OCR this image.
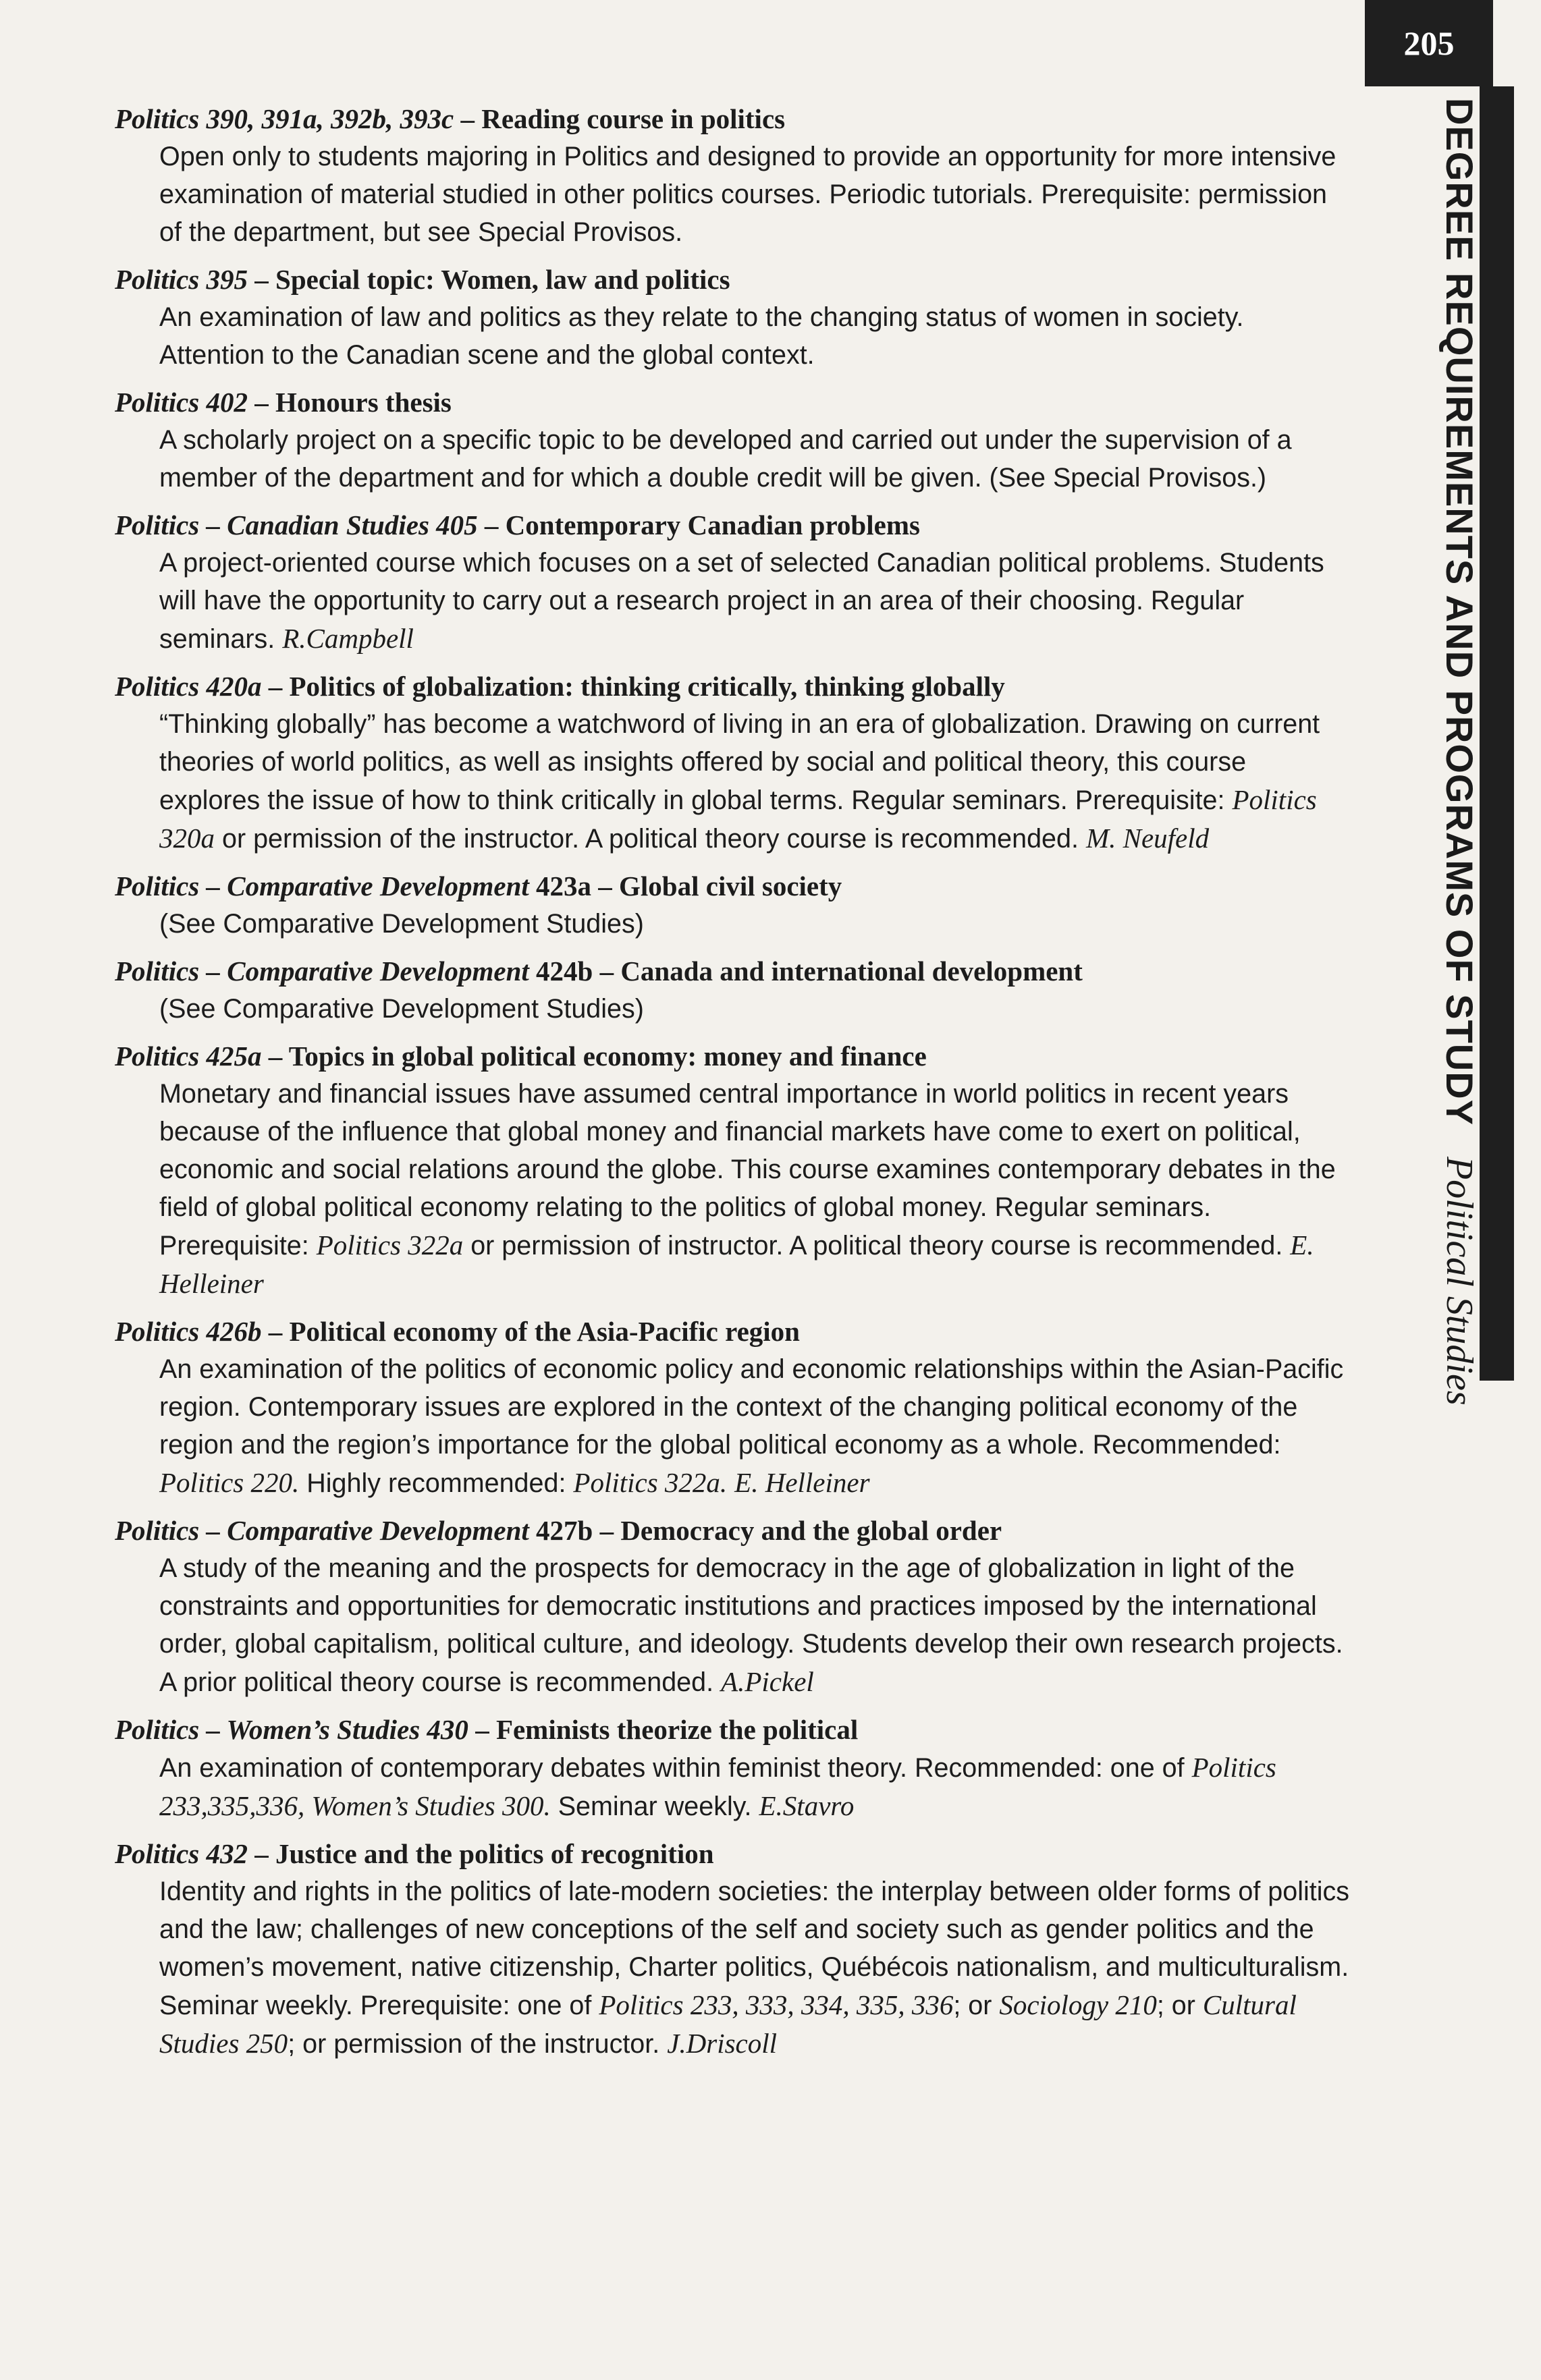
205
DEGREE REQUIREMENTS AND PROGRAMS OF STUDY Political Studies
Politics 390, 391a, 392b, 393c – Reading course in politics
Open only to students majoring in Politics and designed to provide an opportunity for more intensive examination of material studied in other politics courses. Periodic tutorials. Prerequisite: permission of the department, but see Special Provisos.
Politics 395 – Special topic: Women, law and politics
An examination of law and politics as they relate to the changing status of women in society. Attention to the Canadian scene and the global context.
Politics 402 – Honours thesis
A scholarly project on a specific topic to be developed and carried out under the supervision of a member of the department and for which a double credit will be given. (See Special Provisos.)
Politics – Canadian Studies 405 – Contemporary Canadian problems
A project-oriented course which focuses on a set of selected Canadian political problems. Students will have the opportunity to carry out a research project in an area of their choosing. Regular seminars. R.Campbell
Politics 420a – Politics of globalization: thinking critically, thinking globally
“Thinking globally” has become a watchword of living in an era of globalization. Drawing on current theories of world politics, as well as insights offered by social and political theory, this course explores the issue of how to think critically in global terms. Regular seminars. Prerequisite: Politics 320a or permission of the instructor. A political theory course is recommended. M. Neufeld
Politics – Comparative Development 423a – Global civil society
(See Comparative Development Studies)
Politics – Comparative Development 424b – Canada and international development
(See Comparative Development Studies)
Politics 425a – Topics in global political economy: money and finance
Monetary and financial issues have assumed central importance in world politics in recent years because of the influence that global money and financial markets have come to exert on political, economic and social relations around the globe. This course examines contemporary debates in the field of global political economy relating to the politics of global money. Regular seminars. Prerequisite: Politics 322a or permission of instructor. A political theory course is recommended. E. Helleiner
Politics 426b – Political economy of the Asia-Pacific region
An examination of the politics of economic policy and economic relationships within the Asian-Pacific region. Contemporary issues are explored in the context of the changing political economy of the region and the region’s importance for the global political economy as a whole. Recommended: Politics 220. Highly recommended: Politics 322a. E. Helleiner
Politics – Comparative Development 427b – Democracy and the global order
A study of the meaning and the prospects for democracy in the age of globalization in light of the constraints and opportunities for democratic institutions and practices imposed by the international order, global capitalism, political culture, and ideology. Students develop their own research projects. A prior political theory course is recommended. A.Pickel
Politics – Women’s Studies 430 – Feminists theorize the political
An examination of contemporary debates within feminist theory. Recommended: one of Politics 233,335,336, Women’s Studies 300. Seminar weekly. E.Stavro
Politics 432 – Justice and the politics of recognition
Identity and rights in the politics of late-modern societies: the interplay between older forms of politics and the law; challenges of new conceptions of the self and society such as gender politics and the women’s movement, native citizenship, Charter politics, Québécois nationalism, and multiculturalism. Seminar weekly. Prerequisite: one of Politics 233, 333, 334, 335, 336; or Sociology 210; or Cultural Studies 250; or permission of the instructor. J.Driscoll
